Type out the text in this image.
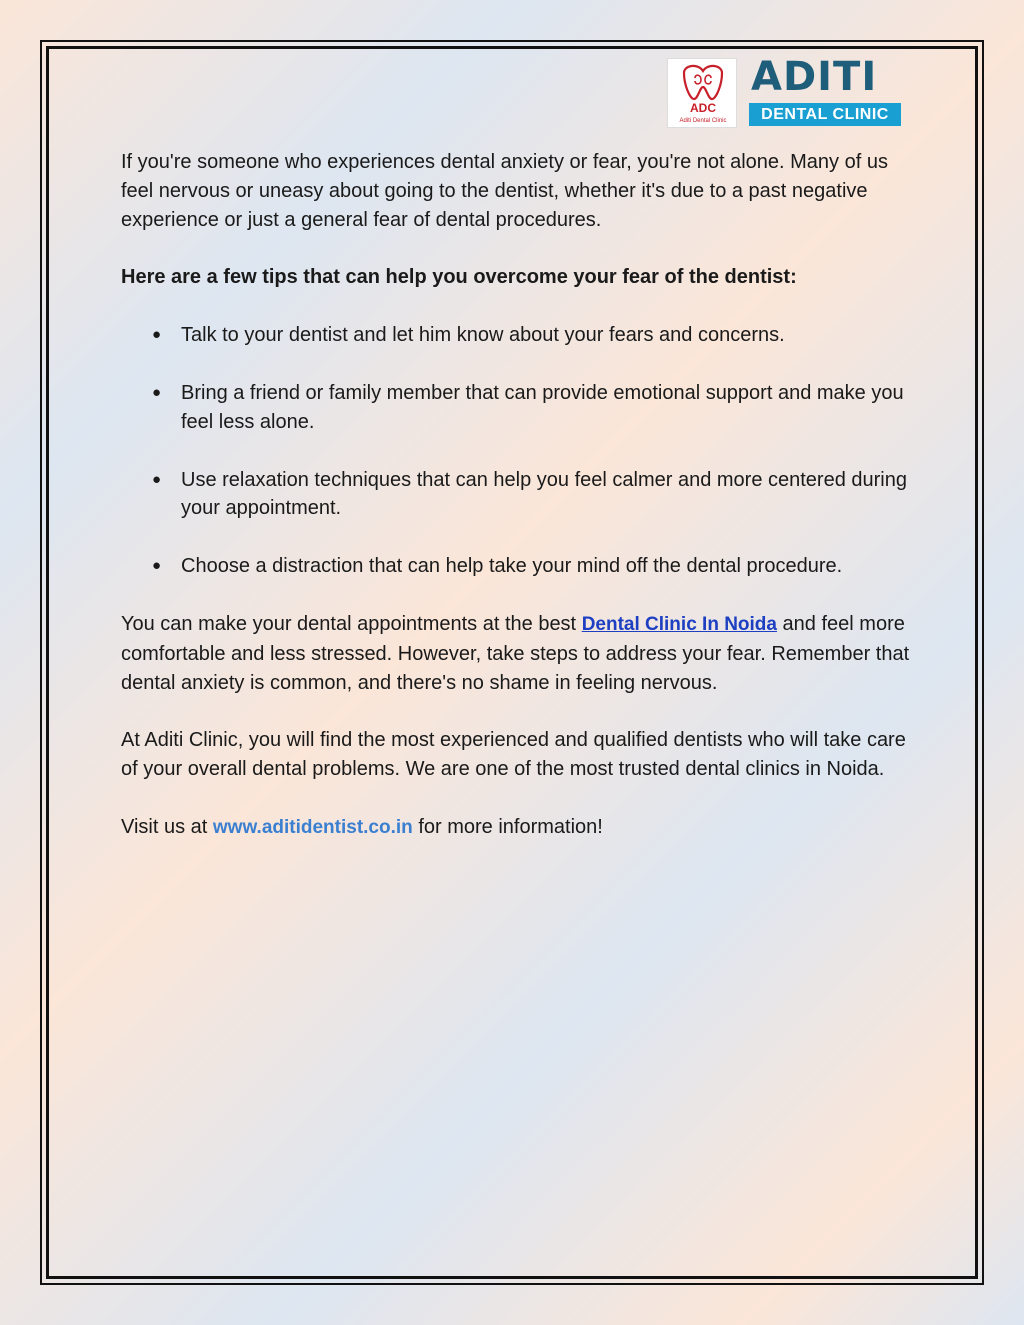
ADC
Aditi Dental Clinic
ADITI
DENTAL CLINIC

If you're someone who experiences dental anxiety or fear, you're not alone. Many of us feel nervous or uneasy about going to the dentist, whether it's due to a past negative experience or just a general fear of dental procedures.

Here are a few tips that can help you overcome your fear of the dentist:

● Talk to your dentist and let him know about your fears and concerns.
● Bring a friend or family member that can provide emotional support and make you feel less alone.
● Use relaxation techniques that can help you feel calmer and more centered during your appointment.
● Choose a distraction that can help take your mind off the dental procedure.

You can make your dental appointments at the best Dental Clinic In Noida and feel more comfortable and less stressed. However, take steps to address your fear. Remember that dental anxiety is common, and there's no shame in feeling nervous.

At Aditi Clinic, you will find the most experienced and qualified dentists who will take care of your overall dental problems. We are one of the most trusted dental clinics in Noida.

Visit us at www.aditidentist.co.in for more information!
